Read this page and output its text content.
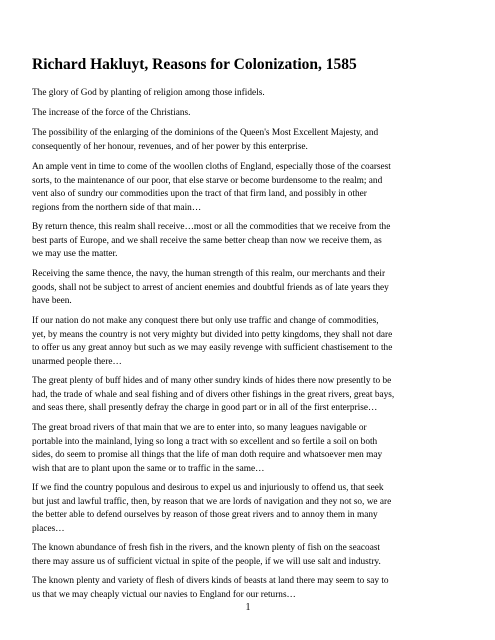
Richard Hakluyt, Reasons for Colonization, 1585

The glory of God by planting of religion among those infidels.

The increase of the force of the Christians.

The possibility of the enlarging of the dominions of the Queen's Most Excellent Majesty, and
consequently of her honour, revenues, and of her power by this enterprise.

An ample vent in time to come of the woollen cloths of England, especially those of the coarsest
sorts, to the maintenance of our poor, that else starve or become burdensome to the realm; and
vent also of sundry our commodities upon the tract of that firm land, and possibly in other
regions from the northern side of that main…

By return thence, this realm shall receive…most or all the commodities that we receive from the
best parts of Europe, and we shall receive the same better cheap than now we receive them, as
we may use the matter.

Receiving the same thence, the navy, the human strength of this realm, our merchants and their
goods, shall not be subject to arrest of ancient enemies and doubtful friends as of late years they
have been.

If our nation do not make any conquest there but only use traffic and change of commodities,
yet, by means the country is not very mighty but divided into petty kingdoms, they shall not dare
to offer us any great annoy but such as we may easily revenge with sufficient chastisement to the
unarmed people there…

The great plenty of buff hides and of many other sundry kinds of hides there now presently to be
had, the trade of whale and seal fishing and of divers other fishings in the great rivers, great bays,
and seas there, shall presently defray the charge in good part or in all of the first enterprise…

The great broad rivers of that main that we are to enter into, so many leagues navigable or
portable into the mainland, lying so long a tract with so excellent and so fertile a soil on both
sides, do seem to promise all things that the life of man doth require and whatsoever men may
wish that are to plant upon the same or to traffic in the same…

If we find the country populous and desirous to expel us and injuriously to offend us, that seek
but just and lawful traffic, then, by reason that we are lords of navigation and they not so, we are
the better able to defend ourselves by reason of those great rivers and to annoy them in many
places…

The known abundance of fresh fish in the rivers, and the known plenty of fish on the seacoast
there may assure us of sufficient victual in spite of the people, if we will use salt and industry.

The known plenty and variety of flesh of divers kinds of beasts at land there may seem to say to
us that we may cheaply victual our navies to England for our returns…

1
